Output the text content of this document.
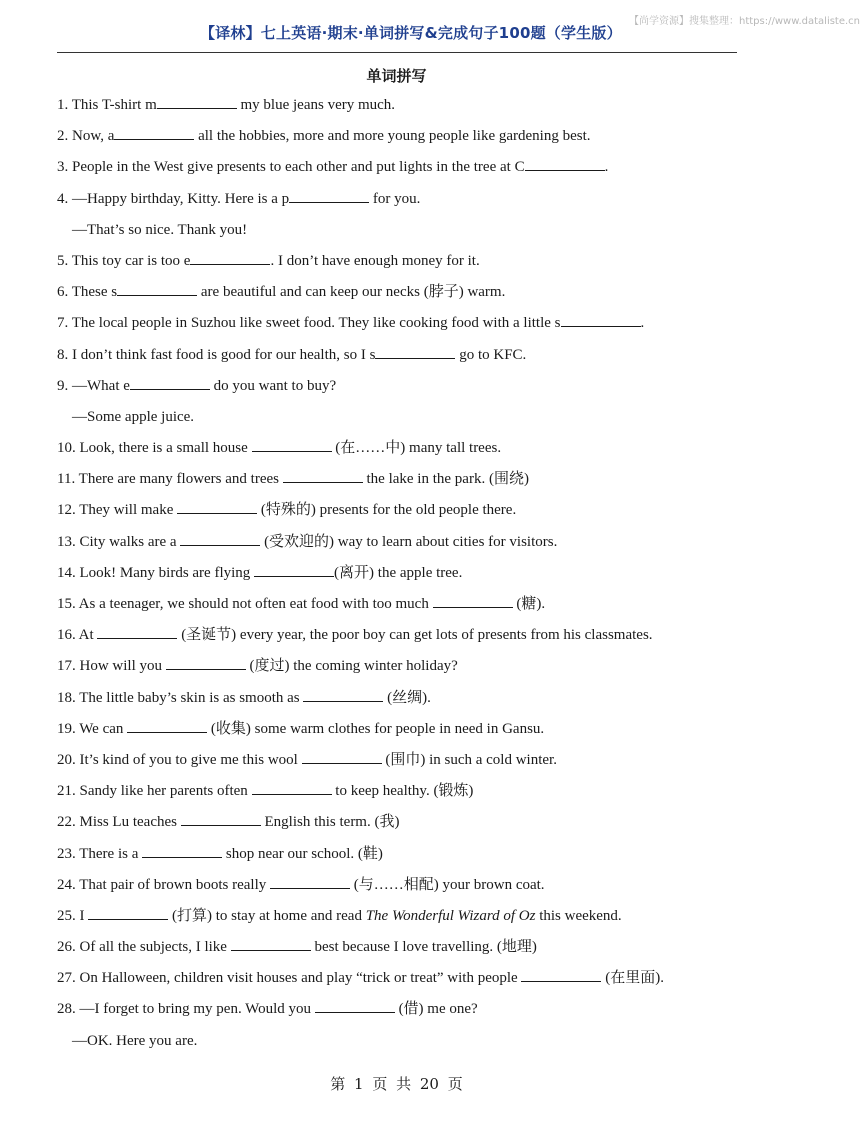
【译林】七上英语·期末·单词拼写&完成句子100题（学生版）
【尚学资源】搜集整理：https://www.dataliste.cn
单词拼写
1. This T-shirt m	my blue jeans very much.
2. Now, a	all the hobbies, more and more young people like gardening best.
3. People in the West give presents to each other and put lights in the tree at C	.
4. —Happy birthday, Kitty. Here is a p	for you.
—That’s so nice. Thank you!
5. This toy car is too e	. I don’t have enough money for it.
6. These s	are beautiful and can keep our necks (脖子) warm.
7. The local people in Suzhou like sweet food. They like cooking food with a little s	.
8. I don’t think fast food is good for our health, so I s	go to KFC.
9. —What e	do you want to buy?
—Some apple juice.
10. Look, there is a small house	(在……中) many tall trees.
11. There are many flowers and trees	the lake in the park. (围绕)
12. They will make	(特殊的) presents for the old people there.
13. City walks are a	(受欢迎的) way to learn about cities for visitors.
14. Look! Many birds are flying	(离开) the apple tree.
15. As a teenager, we should not often eat food with too much	(糖).
16. At	(圣诞节) every year, the poor boy can get lots of presents from his classmates.
17. How will you	(度过) the coming winter holiday?
18. The little baby’s skin is as smooth as	(丝绸).
19. We can	(收集) some warm clothes for people in need in Gansu.
20. It’s kind of you to give me this wool	(围巾) in such a cold winter.
21. Sandy like her parents often	to keep healthy. (锻炼)
22. Miss Lu teaches	English this term. (我)
23. There is a	shop near our school. (鞋)
24. That pair of brown boots really	(与……相配) your brown coat.
25. I	(打算) to stay at home and read The Wonderful Wizard of Oz this weekend.
26. Of all the subjects, I like	best because I love travelling. (地理)
27. On Halloween, children visit houses and play “trick or treat” with people	(在里面).
28. —I forget to bring my pen. Would you	(借) me one?
—OK. Here you are.
第 1 页 共 20 页
